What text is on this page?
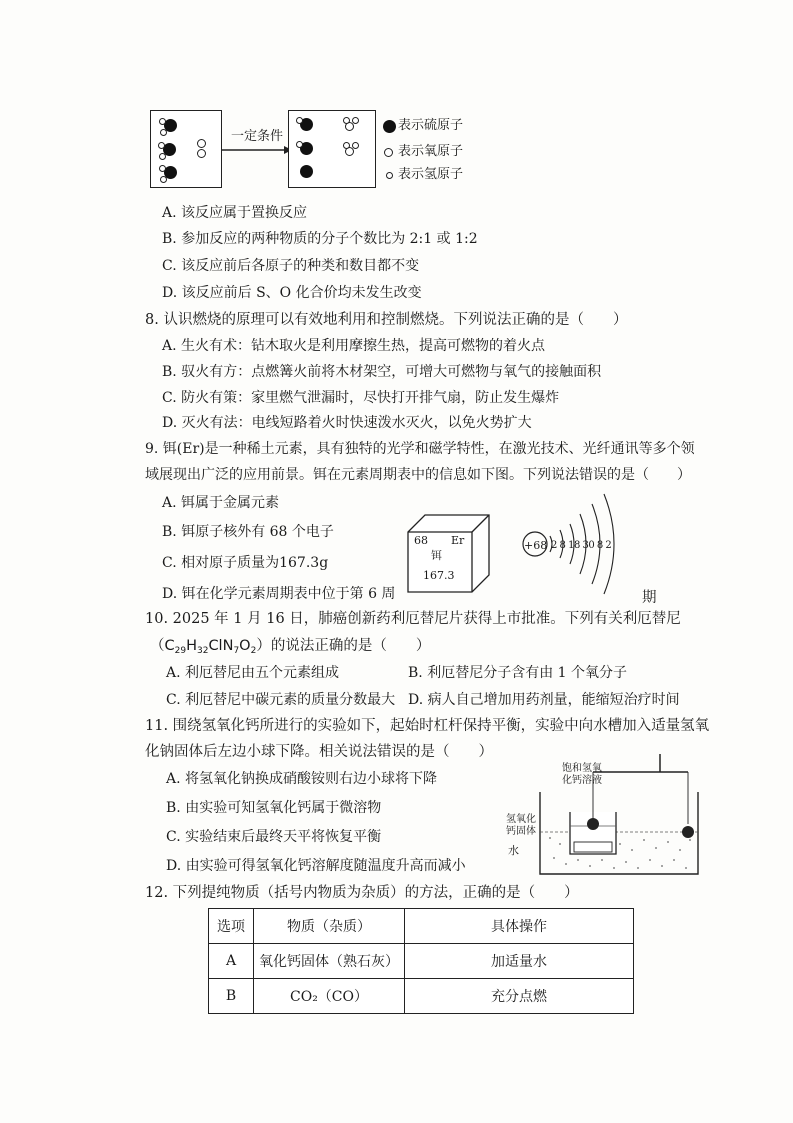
一定条件
表示硫原子
表示氧原子
表示氢原子
A. 该反应属于置换反应
B. 参加反应的两种物质的分子个数比为 2:1 或 1:2
C. 该反应前后各原子的种类和数目都不变
D. 该反应前后 S、O 化合价均未发生改变
8. 认识燃烧的原理可以有效地利用和控制燃烧。下列说法正确的是（　　）
A. 生火有术：钻木取火是利用摩擦生热，提高可燃物的着火点
B. 驭火有方：点燃篝火前将木材架空，可增大可燃物与氧气的接触面积
C. 防火有策：家里燃气泄漏时，尽快打开排气扇，防止发生爆炸
D. 灭火有法：电线短路着火时快速泼水灭火，以免火势扩大
9. 铒(Er)是一种稀土元素，具有独特的光学和磁学特性，在激光技术、光纤通讯等多个领
域展现出广泛的应用前景。铒在元素周期表中的信息如下图。下列说法错误的是（　　）
A. 铒属于金属元素
B. 铒原子核外有 68 个电子
C. 相对原子质量为167.3g
D. 铒在化学元素周期表中位于第 6 周	期
68 Er
铒
167.3
+68 2 8 18 30 8 2
10. 2025 年 1 月 16 日，肺癌创新药利厄替尼片获得上市批准。下列有关利厄替尼
$(C_{29}H_{32}ClN_7O_2)$的说法正确的是（　　）
A. 利厄替尼由五个元素组成	B. 利厄替尼分子含有由 1 个氧分子
C. 利厄替尼中碳元素的质量分数最大 D. 病人自己增加用药剂量，能缩短治疗时间
11. 围绕氢氧化钙所进行的实验如下，起始时杠杆保持平衡，实验中向水槽加入适量氢氧
化钠固体后左边小球下降。相关说法错误的是（　　）
A. 将氢氧化钠换成硝酸铵则右边小球将下降
B. 由实验可知氢氧化钙属于微溶物
C. 实验结束后最终天平将恢复平衡
D. 由实验可得氢氧化钙溶解度随温度升高而减小
饱和氢氧
化钙溶液
氢氧化
钙固体
水
12. 下列提纯物质（括号内物质为杂质）的方法，正确的是（　　）
选项	物质（杂质）	具体操作
A	氧化钙固体（熟石灰）	加适量水
B	CO₂（CO）	充分点燃
